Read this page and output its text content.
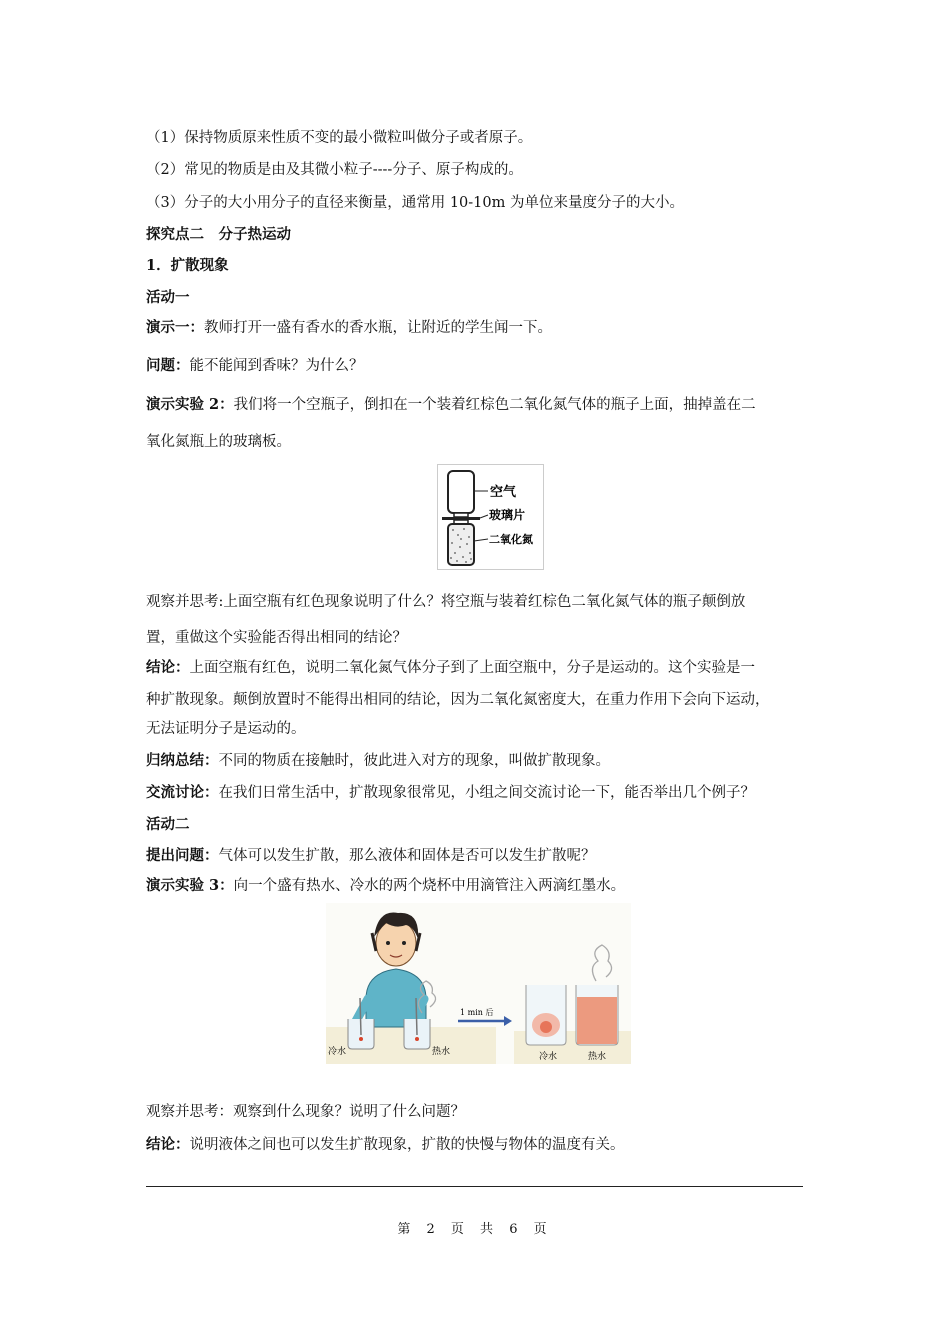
（1）保持物质原来性质不变的最小微粒叫做分子或者原子。
（2）常见的物质是由及其微小粒子----分子、原子构成的。
（3）分子的大小用分子的直径来衡量，通常用 10-10m 为单位来量度分子的大小。
探究点二　分子热运动
1．扩散现象
活动一
演示一：教师打开一盛有香水的香水瓶，让附近的学生闻一下。
问题：能不能闻到香味？为什么？
演示实验 2：我们将一个空瓶子，倒扣在一个装着红棕色二氧化氮气体的瓶子上面，抽掉盖在二
氧化氮瓶上的玻璃板。
空气
玻璃片
二氧化氮
观察并思考:上面空瓶有红色现象说明了什么？将空瓶与装着红棕色二氧化氮气体的瓶子颠倒放
置，重做这个实验能否得出相同的结论？
结论：上面空瓶有红色，说明二氧化氮气体分子到了上面空瓶中，分子是运动的。这个实验是一
种扩散现象。颠倒放置时不能得出相同的结论，因为二氧化氮密度大，在重力作用下会向下运动，
无法证明分子是运动的。
归纳总结：不同的物质在接触时，彼此进入对方的现象，叫做扩散现象。
交流讨论：在我们日常生活中，扩散现象很常见，小组之间交流讨论一下，能否举出几个例子？
活动二
提出问题：气体可以发生扩散，那么液体和固体是否可以发生扩散呢？
演示实验 3：向一个盛有热水、冷水的两个烧杯中用滴管注入两滴红墨水。
冷水	热水
1 min 后
冷水	热水
观察并思考：观察到什么现象？说明了什么问题？
结论：说明液体之间也可以发生扩散现象，扩散的快慢与物体的温度有关。
第 2 页 共 6 页
